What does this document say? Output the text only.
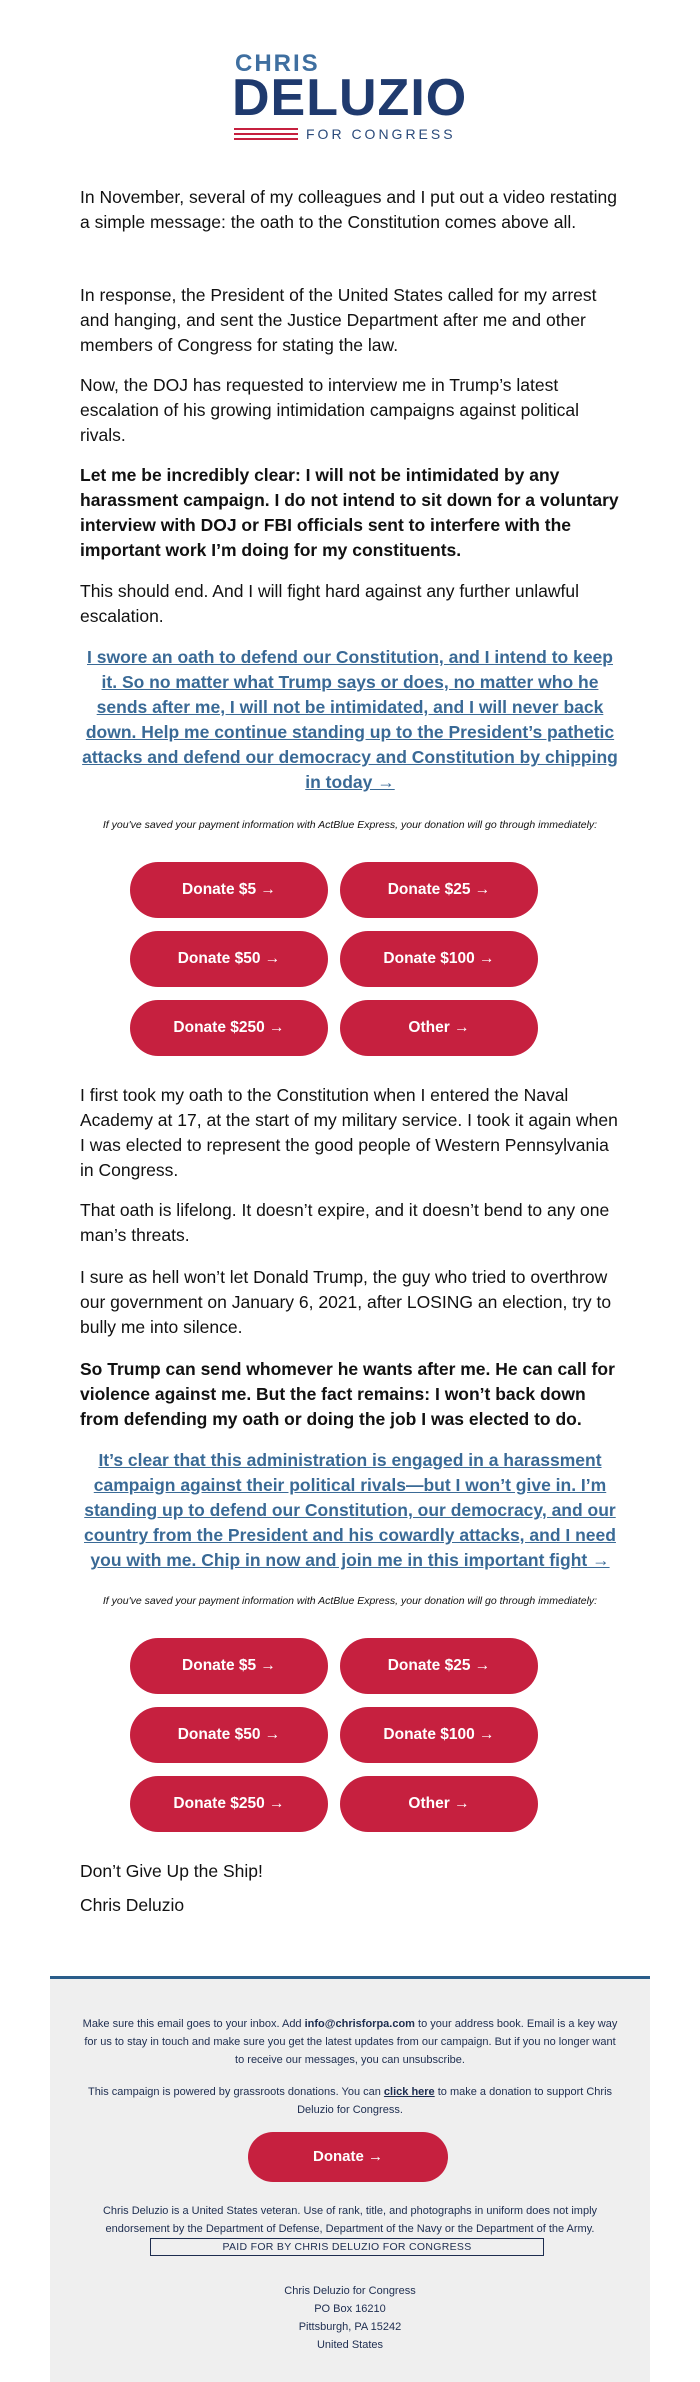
CHRIS
DELUZIO
FOR CONGRESS

In November, several of my colleagues and I put out a video restating a simple message: the oath to the Constitution comes above all.

In response, the President of the United States called for my arrest and hanging, and sent the Justice Department after me and other members of Congress for stating the law.

Now, the DOJ has requested to interview me in Trump’s latest escalation of his growing intimidation campaigns against political rivals.

Let me be incredibly clear: I will not be intimidated by any harassment campaign. I do not intend to sit down for a voluntary interview with DOJ or FBI officials sent to interfere with the important work I’m doing for my constituents.

This should end. And I will fight hard against any further unlawful escalation.

I swore an oath to defend our Constitution, and I intend to keep it. So no matter what Trump says or does, no matter who he sends after me, I will not be intimidated, and I will never back down. Help me continue standing up to the President’s pathetic attacks and defend our democracy and Constitution by chipping in today →
If you've saved your payment information with ActBlue Express, your donation will go through immediately:
Donate $5 →	Donate $25 →
Donate $50 →	Donate $100 →
Donate $250 →	Other →

I first took my oath to the Constitution when I entered the Naval Academy at 17, at the start of my military service. I took it again when I was elected to represent the good people of Western Pennsylvania in Congress.

That oath is lifelong. It doesn’t expire, and it doesn’t bend to any one man’s threats.

I sure as hell won’t let Donald Trump, the guy who tried to overthrow our government on January 6, 2021, after LOSING an election, try to bully me into silence.

So Trump can send whomever he wants after me. He can call for violence against me. But the fact remains: I won’t back down from defending my oath or doing the job I was elected to do.

It’s clear that this administration is engaged in a harassment campaign against their political rivals—but I won’t give in. I’m standing up to defend our Constitution, our democracy, and our country from the President and his cowardly attacks, and I need you with me. Chip in now and join me in this important fight →
If you've saved your payment information with ActBlue Express, your donation will go through immediately:
Donate $5 →	Donate $25 →
Donate $50 →	Donate $100 →
Donate $250 →	Other →

Don’t Give Up the Ship!

Chris Deluzio

Make sure this email goes to your inbox. Add info@chrisforpa.com to your address book. Email is a key way for us to stay in touch and make sure you get the latest updates from our campaign. But if you no longer want to receive our messages, you can unsubscribe.
This campaign is powered by grassroots donations. You can click here to make a donation to support Chris Deluzio for Congress.
Donate →
Chris Deluzio is a United States veteran. Use of rank, title, and photographs in uniform does not imply endorsement by the Department of Defense, Department of the Navy or the Department of the Army.
PAID FOR BY CHRIS DELUZIO FOR CONGRESS
Chris Deluzio for Congress
PO Box 16210
Pittsburgh, PA 15242
United States
